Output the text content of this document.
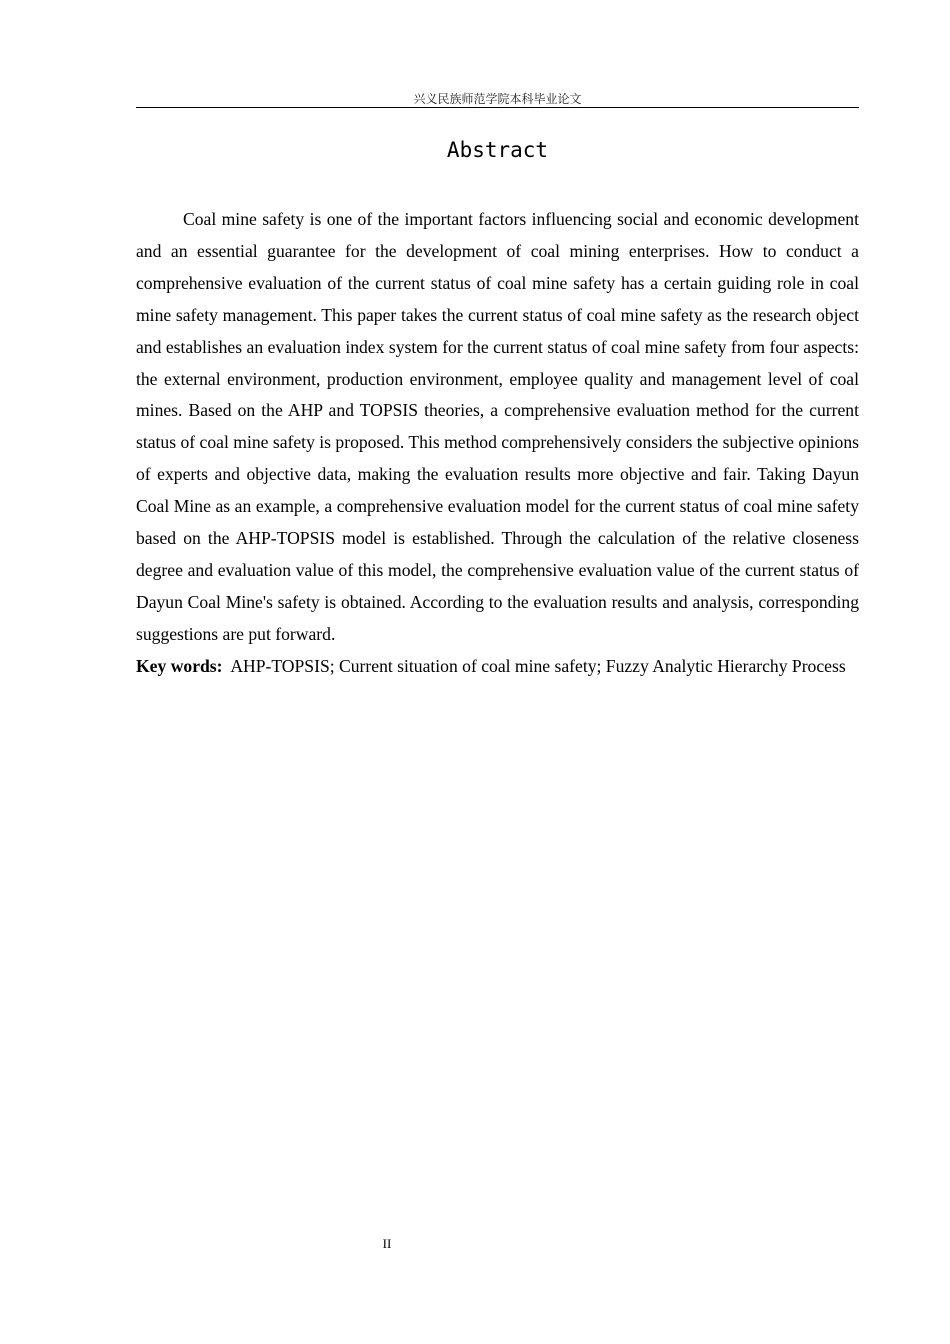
兴义民族师范学院本科毕业论文
Abstract

Coal mine safety is one of the important factors influencing social and economic development and an essential guarantee for the development of coal mining enterprises. How to conduct a comprehensive evaluation of the current status of coal mine safety has a certain guiding role in coal mine safety management. This paper takes the current status of coal mine safety as the research object and establishes an evaluation index system for the current status of coal mine safety from four aspects: the external environment, production environment, employee quality and management level of coal mines. Based on the AHP and TOPSIS theories, a comprehensive evaluation method for the current status of coal mine safety is proposed. This method comprehensively considers the subjective opinions of experts and objective data, making the evaluation results more objective and fair. Taking Dayun Coal Mine as an example, a comprehensive evaluation model for the current status of coal mine safety based on the AHP-TOPSIS model is established. Through the calculation of the relative closeness degree and evaluation value of this model, the comprehensive evaluation value of the current status of Dayun Coal Mine's safety is obtained. According to the evaluation results and analysis, corresponding suggestions are put forward.

Key words: AHP-TOPSIS; Current situation of coal mine safety; Fuzzy Analytic Hierarchy Process

II
